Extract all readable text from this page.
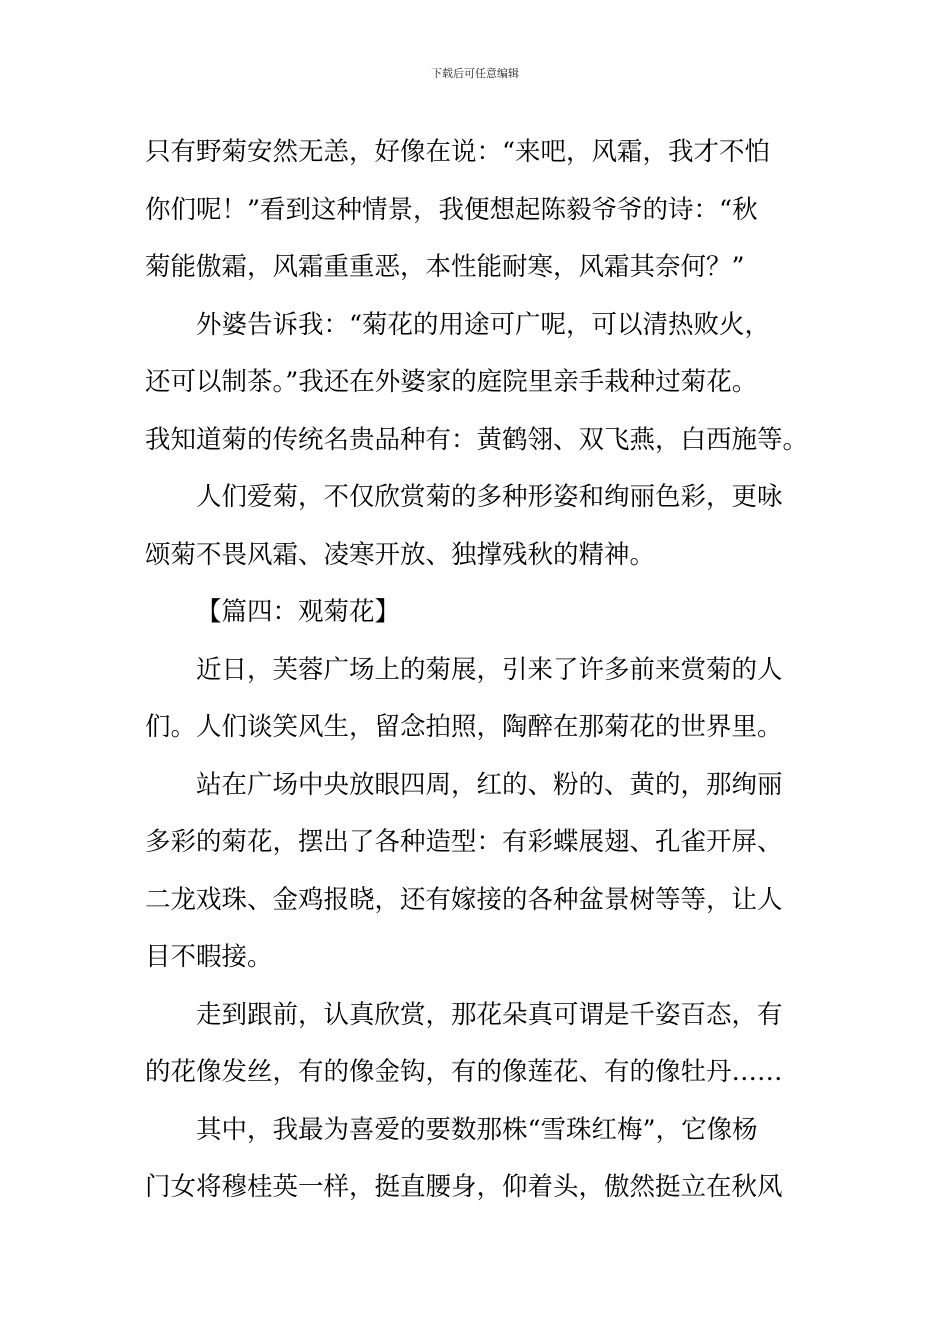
下载后可任意编辑
只有野菊安然无恙，好像在说：“来吧，风霜，我才不怕
你们呢！”看到这种情景，我便想起陈毅爷爷的诗：“秋
菊能傲霜，风霜重重恶，本性能耐寒，风霜其奈何？”
外婆告诉我：“菊花的用途可广呢，可以清热败火，
还可以制茶。”我还在外婆家的庭院里亲手栽种过菊花。
我知道菊的传统名贵品种有：黄鹤翎、双飞燕，白西施等。
人们爱菊，不仅欣赏菊的多种形姿和绚丽色彩，更咏
颂菊不畏风霜、凌寒开放、独撑残秋的精神。
【篇四：观菊花】
近日，芙蓉广场上的菊展，引来了许多前来赏菊的人
们。人们谈笑风生，留念拍照，陶醉在那菊花的世界里。
站在广场中央放眼四周，红的、粉的、黄的，那绚丽
多彩的菊花，摆出了各种造型：有彩蝶展翅、孔雀开屏、
二龙戏珠、金鸡报晓，还有嫁接的各种盆景树等等，让人
目不暇接。
走到跟前，认真欣赏，那花朵真可谓是千姿百态，有
的花像发丝，有的像金钩，有的像莲花、有的像牡丹……
其中，我最为喜爱的要数那株“雪珠红梅”，它像杨
门女将穆桂英一样，挺直腰身，仰着头，傲然挺立在秋风
